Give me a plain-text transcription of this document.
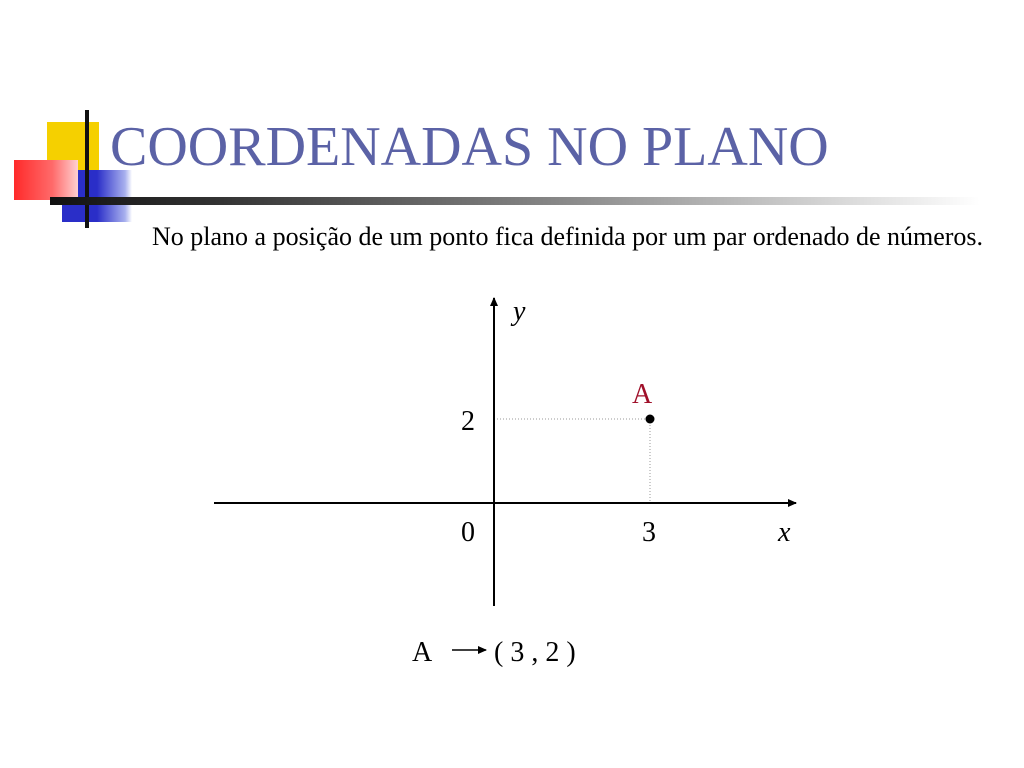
COORDENADAS NO PLANO
No plano a posição de um ponto fica definida por um par ordenado de números.
y
x
0	3
2
A
A ( 3 , 2 )
